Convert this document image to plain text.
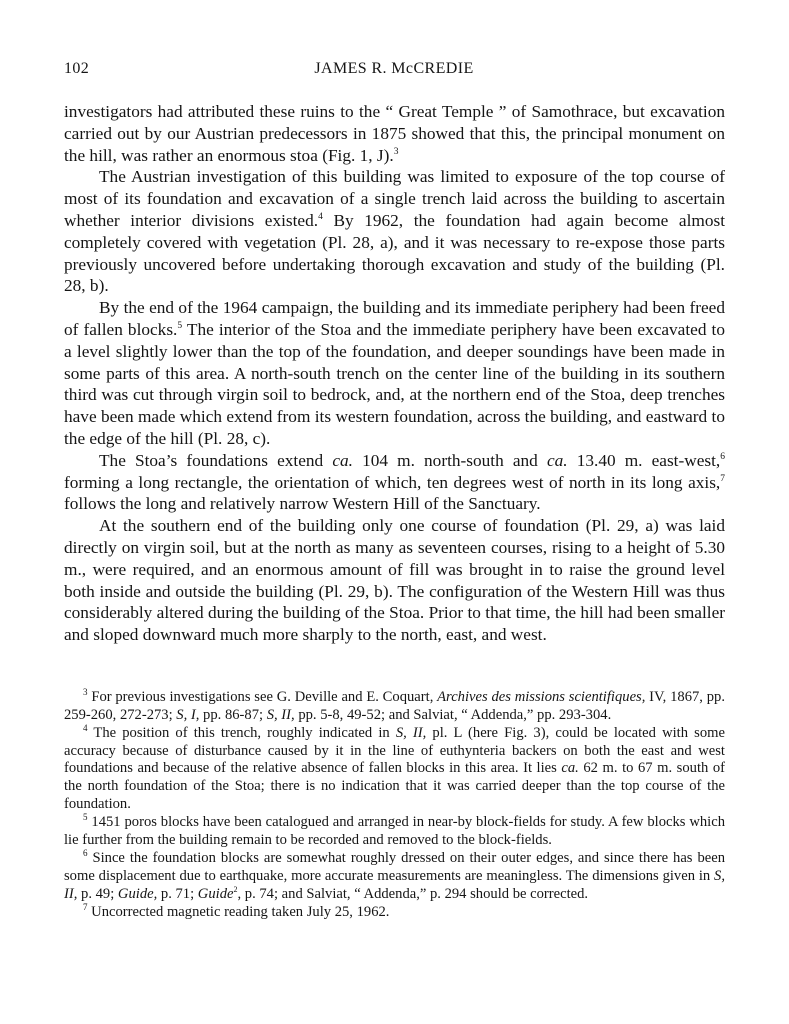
102	JAMES R. McCREDIE

investigators had attributed these ruins to the “ Great Temple ” of Samothrace, but excavation carried out by our Austrian predecessors in 1875 showed that this, the principal monument on the hill, was rather an enormous stoa (Fig. 1, J).$^3$

The Austrian investigation of this building was limited to exposure of the top course of most of its foundation and excavation of a single trench laid across the building to ascertain whether interior divisions existed.$^4$ By 1962, the foundation had again become almost completely covered with vegetation (Pl. 28, a), and it was necessary to re-expose those parts previously uncovered before undertaking thorough excavation and study of the building (Pl. 28, b).

By the end of the 1964 campaign, the building and its immediate periphery had been freed of fallen blocks.$^5$ The interior of the Stoa and the immediate periphery have been excavated to a level slightly lower than the top of the foundation, and deeper soundings have been made in some parts of this area. A north-south trench on the center line of the building in its southern third was cut through virgin soil to bedrock, and, at the northern end of the Stoa, deep trenches have been made which extend from its western foundation, across the building, and eastward to the edge of the hill (Pl. 28, c).

The Stoa’s foundations extend ca. 104 m. north-south and ca. 13.40 m. east-west,$^6$ forming a long rectangle, the orientation of which, ten degrees west of north in its long axis,$^7$ follows the long and relatively narrow Western Hill of the Sanctuary.

At the southern end of the building only one course of foundation (Pl. 29, a) was laid directly on virgin soil, but at the north as many as seventeen courses, rising to a height of 5.30 m., were required, and an enormous amount of fill was brought in to raise the ground level both inside and outside the building (Pl. 29, b). The configuration of the Western Hill was thus considerably altered during the building of the Stoa. Prior to that time, the hill had been smaller and sloped downward much more sharply to the north, east, and west.

$^3$ For previous investigations see G. Deville and E. Coquart, Archives des missions scientifiques, IV, 1867, pp. 259-260, 272-273; S, I, pp. 86-87; S, II, pp. 5-8, 49-52; and Salviat, “ Addenda,” pp. 293-304.

$^4$ The position of this trench, roughly indicated in S, II, pl. L (here Fig. 3), could be located with some accuracy because of disturbance caused by it in the line of euthynteria backers on both the east and west foundations and because of the relative absence of fallen blocks in this area. It lies ca. 62 m. to 67 m. south of the north foundation of the Stoa; there is no indication that it was carried deeper than the top course of the foundation.

$^5$ 1451 poros blocks have been catalogued and arranged in near-by block-fields for study. A few blocks which lie further from the building remain to be recorded and removed to the block-fields.

$^6$ Since the foundation blocks are somewhat roughly dressed on their outer edges, and since there has been some displacement due to earthquake, more accurate measurements are meaningless. The dimensions given in S, II, p. 49; Guide, p. 71; Guide$^2$, p. 74; and Salviat, “ Addenda,” p. 294 should be corrected.

$^7$ Uncorrected magnetic reading taken July 25, 1962.
